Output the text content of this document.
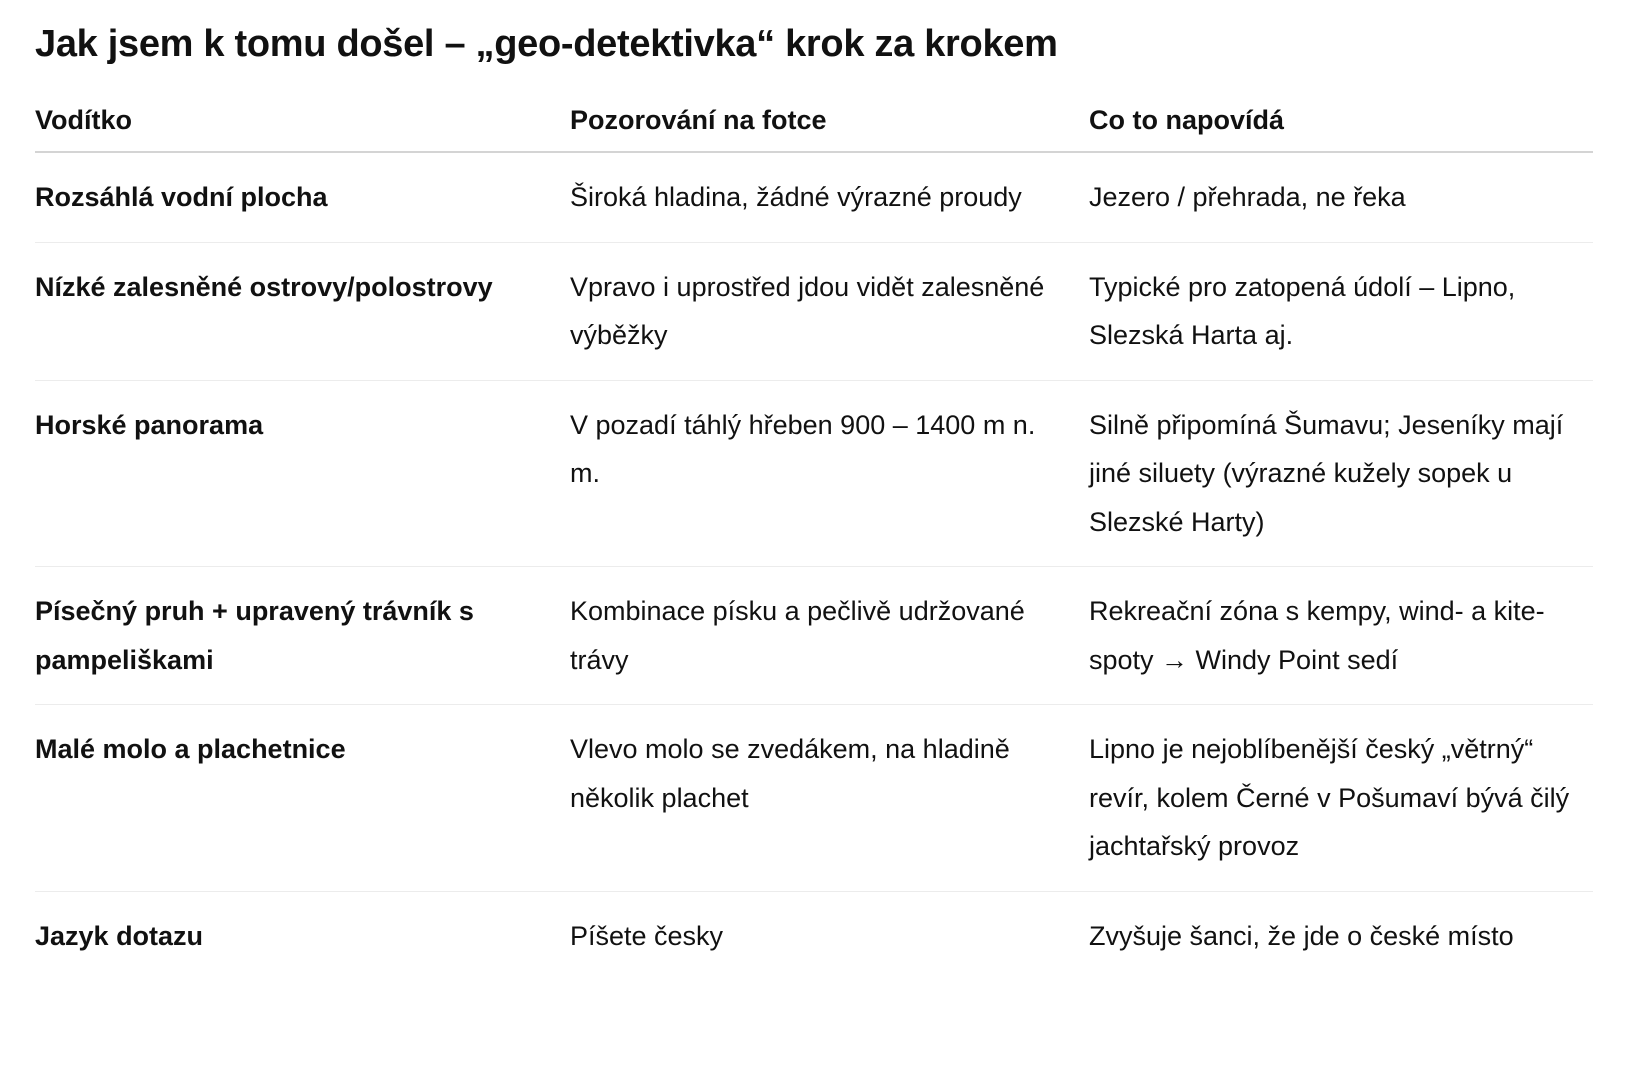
Jak jsem k tomu došel – „geo-detektivka“ krok za krokem
Vodítko	Pozorování na fotce	Co to napovídá
Rozsáhlá vodní plocha	Široká hladina, žádné výrazné proudy	Jezero / přehrada, ne řeka
Nízké zalesněné ostrovy/polostrovy	Vpravo i uprostřed jdou vidět zalesněné výběžky	Typické pro zatopená údolí – Lipno, Slezská Harta aj.
Horské panorama	V pozadí táhlý hřeben 900 – 1400 m n. m.	Silně připomíná Šumavu; Jeseníky mají jiné siluety (výrazné kužely sopek u Slezské Harty)
Písečný pruh + upravený trávník s pampeliškami	Kombinace písku a pečlivě udržované trávy	Rekreační zóna s kempy, wind- a kite-spoty → Windy Point sedí
Malé molo a plachetnice	Vlevo molo se zvedákem, na hladině několik plachet	Lipno je nejoblíbenější český „větrný“ revír, kolem Černé v Pošumaví bývá čilý jachtařský provoz
Jazyk dotazu	Píšete česky	Zvyšuje šanci, že jde o české místo
